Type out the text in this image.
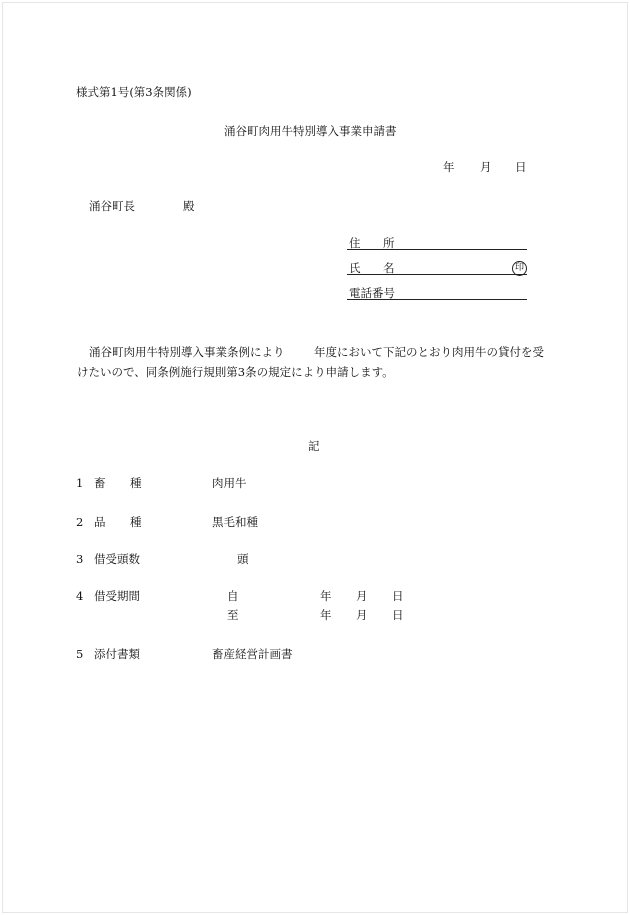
様式第1号(第3条関係)
涌谷町肉用牛特別導入事業申請書
年 月 日
涌谷町長	殿
住 所
氏 名	印
電話番号
涌谷町肉用牛特別導入事業条例により	年度において下記のとおり肉用牛の貸付を受
けたいので、同条例施行規則第3条の規定により申請します。
記
1 畜 種	肉用牛
2 品 種	黒毛和種
3 借受頭数	頭
4 借受期間	自	年 月 日
至	年 月 日
5 添付書類	畜産経営計画書
